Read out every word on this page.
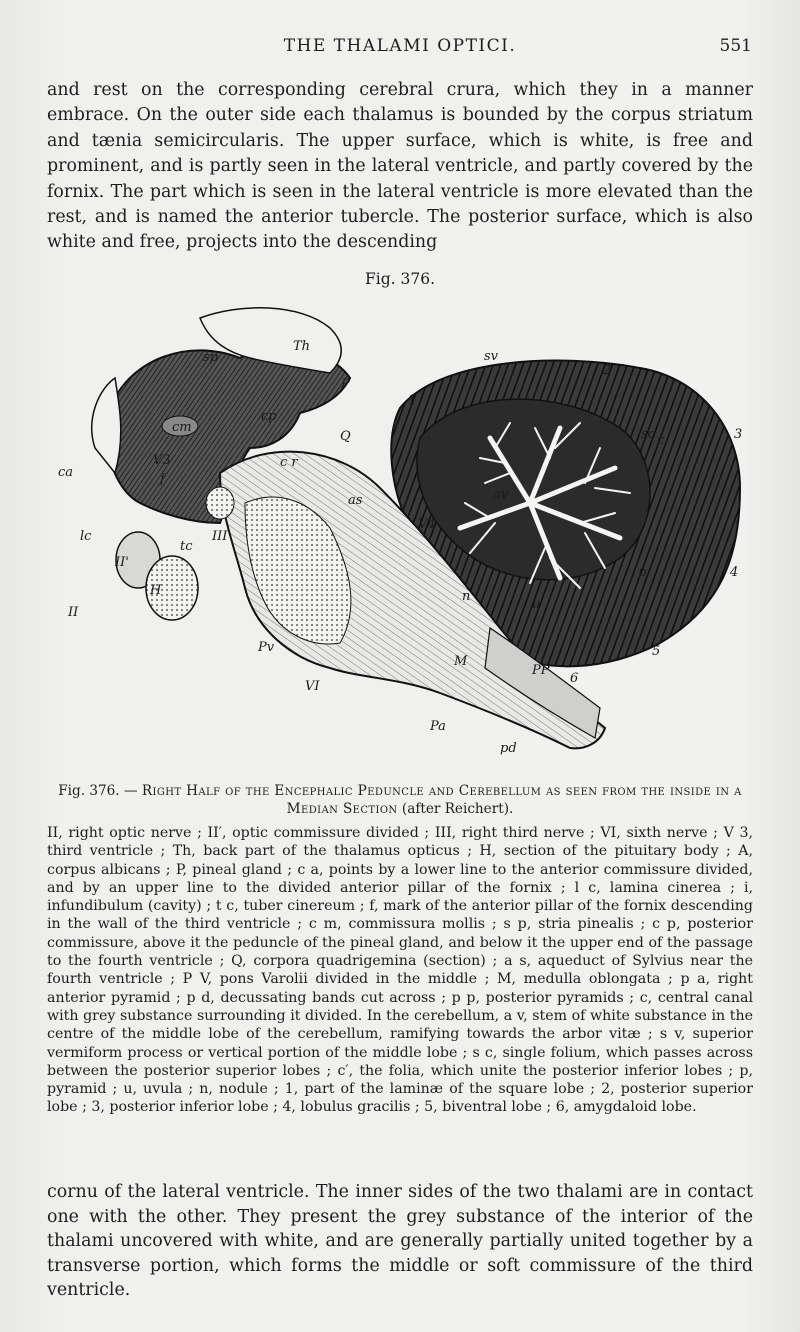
THE THALAMI OPTICI.	551
and rest on the corresponding cerebral crura, which they in a manner embrace. On the outer side each thalamus is bounded by the corpus striatum and tænia semicircularis. The upper surface, which is white, is free and prominent, and is partly seen in the lateral ventricle, and partly covered by the fornix. The part which is seen in the lateral ventricle is more elevated than the rest, and is named the anterior tubercle. The posterior surface, which is also white and free, projects into the descending
Fig. 376.
Th
sp
P
sv
2
1
3
sc
cp
cm
Q
c r
V3
f
ca
av
as
lc
tc
III
II'
H
II
V4
c
p	4
n
u
Pv	5
M
PP
6
VI
Pa
pd
Fig. 376. — Right Half of the Encephalic Peduncle and Cerebellum as seen from the inside in a Median Section (after Reichert).
II, right optic nerve ; II′, optic commissure divided ; III, right third nerve ; VI, sixth nerve ; V 3, third ventricle ; Th, back part of the thalamus opticus ; H, section of the pituitary body ; A, corpus albicans ; P, pineal gland ; c a, points by a lower line to the anterior commissure divided, and by an upper line to the divided anterior pillar of the fornix ; l c, lamina cinerea ; i, infundibulum (cavity) ; t c, tuber cinereum ; f, mark of the anterior pillar of the fornix descending in the wall of the third ventricle ; c m, commissura mollis ; s p, stria pinealis ; c p, posterior commissure, above it the peduncle of the pineal gland, and below it the upper end of the passage to the fourth ventricle ; Q, corpora quadrigemina (section) ; a s, aqueduct of Sylvius near the fourth ventricle ; P V, pons Varolii divided in the middle ; M, medulla oblongata ; p a, right anterior pyramid ; p d, decussating bands cut across ; p p, posterior pyramids ; c, central canal with grey substance surrounding it divided. In the cerebellum, a v, stem of white substance in the centre of the middle lobe of the cerebellum, ramifying towards the arbor vitæ ; s v, superior vermiform process or vertical portion of the middle lobe ; s c, single folium, which passes across between the posterior superior lobes ; c′, the folia, which unite the posterior inferior lobes ; p, pyramid ; u, uvula ; n, nodule ; 1, part of the laminæ of the square lobe ; 2, posterior superior lobe ; 3, posterior inferior lobe ; 4, lobulus gracilis ; 5, biventral lobe ; 6, amygdaloid lobe.
cornu of the lateral ventricle. The inner sides of the two thalami are in contact one with the other. They present the grey substance of the interior of the thalami uncovered with white, and are generally partially united together by a transverse portion, which forms the middle or soft commissure of the third ventricle.
